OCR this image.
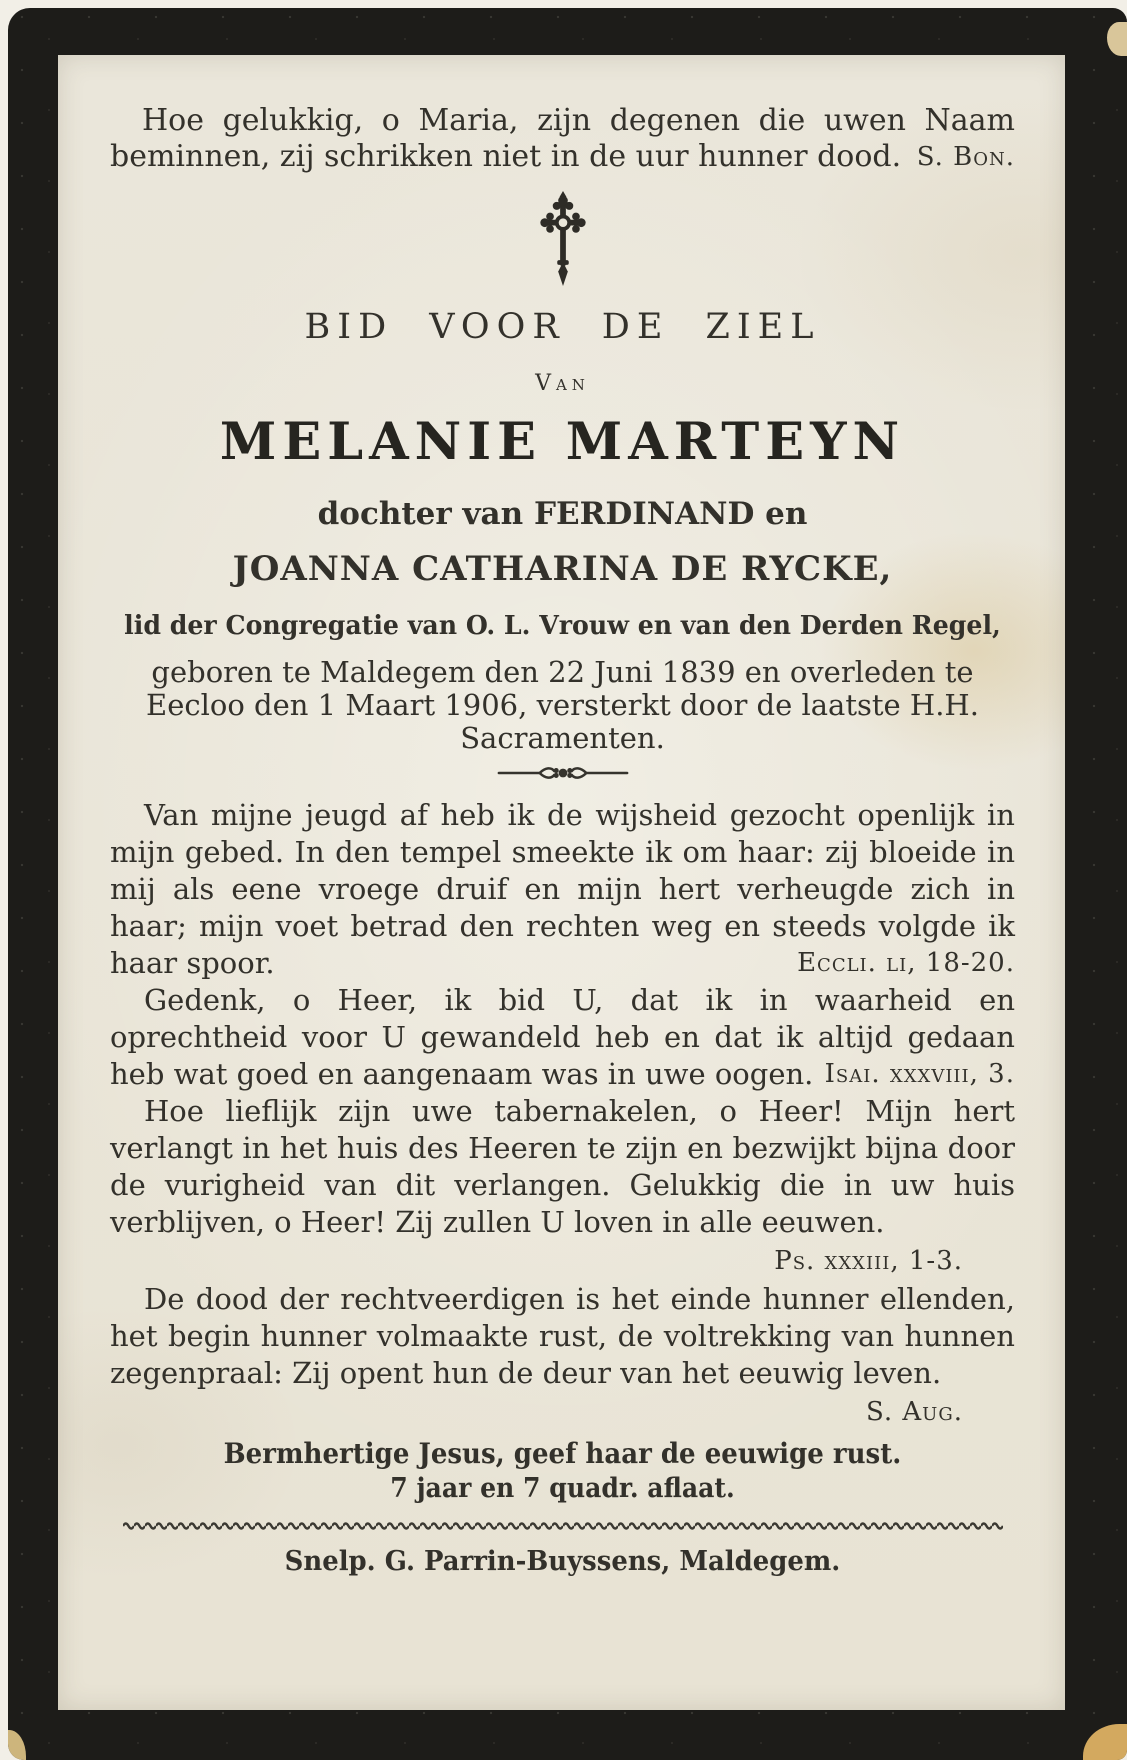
Hoe gelukkig, o Maria, zijn degenen die uwen Naam beminnen, zij schrikken niet in de uur hunner dood. S. Bon.

BID VOOR DE ZIEL
Van
MELANIE MARTEYN
dochter van FERDINAND en
JOANNA CATHARINA DE RYCKE,
lid der Congregatie van O. L. Vrouw en van den Derden Regel,
geboren te Maldegem den 22 Juni 1839 en overleden te Eecloo den 1 Maart 1906, versterkt door de laatste H.H. Sacramenten.

Van mijne jeugd af heb ik de wijsheid gezocht openlijk in mijn gebed. In den tempel smeekte ik om haar: zij bloeide in mij als eene vroege druif en mijn hert verheugde zich in haar; mijn voet betrad den rechten weg en steeds volgde ik haar spoor.	Eccli. li, 18-20.

Gedenk, o Heer, ik bid U, dat ik in waarheid en oprechtheid voor U gewandeld heb en dat ik altijd gedaan heb wat goed en aangenaam was in uwe oogen. Isai. xxxviii, 3.

Hoe lieflijk zijn uwe tabernakelen, o Heer! Mijn hert verlangt in het huis des Heeren te zijn en bezwijkt bijna door de vurigheid van dit verlangen. Gelukkig die in uw huis verblijven, o Heer! Zij zullen U loven in alle eeuwen.

Ps. xxxiii, 1-3.

De dood der rechtveerdigen is het einde hunner ellenden, het begin hunner volmaakte rust, de voltrekking van hunnen zegenpraal: Zij opent hun de deur van het eeuwig leven.

S. Aug.
Bermhertige Jesus, geef haar de eeuwige rust.
7 jaar en 7 quadr. aflaat.
Snelp. G. Parrin-Buyssens, Maldegem.
